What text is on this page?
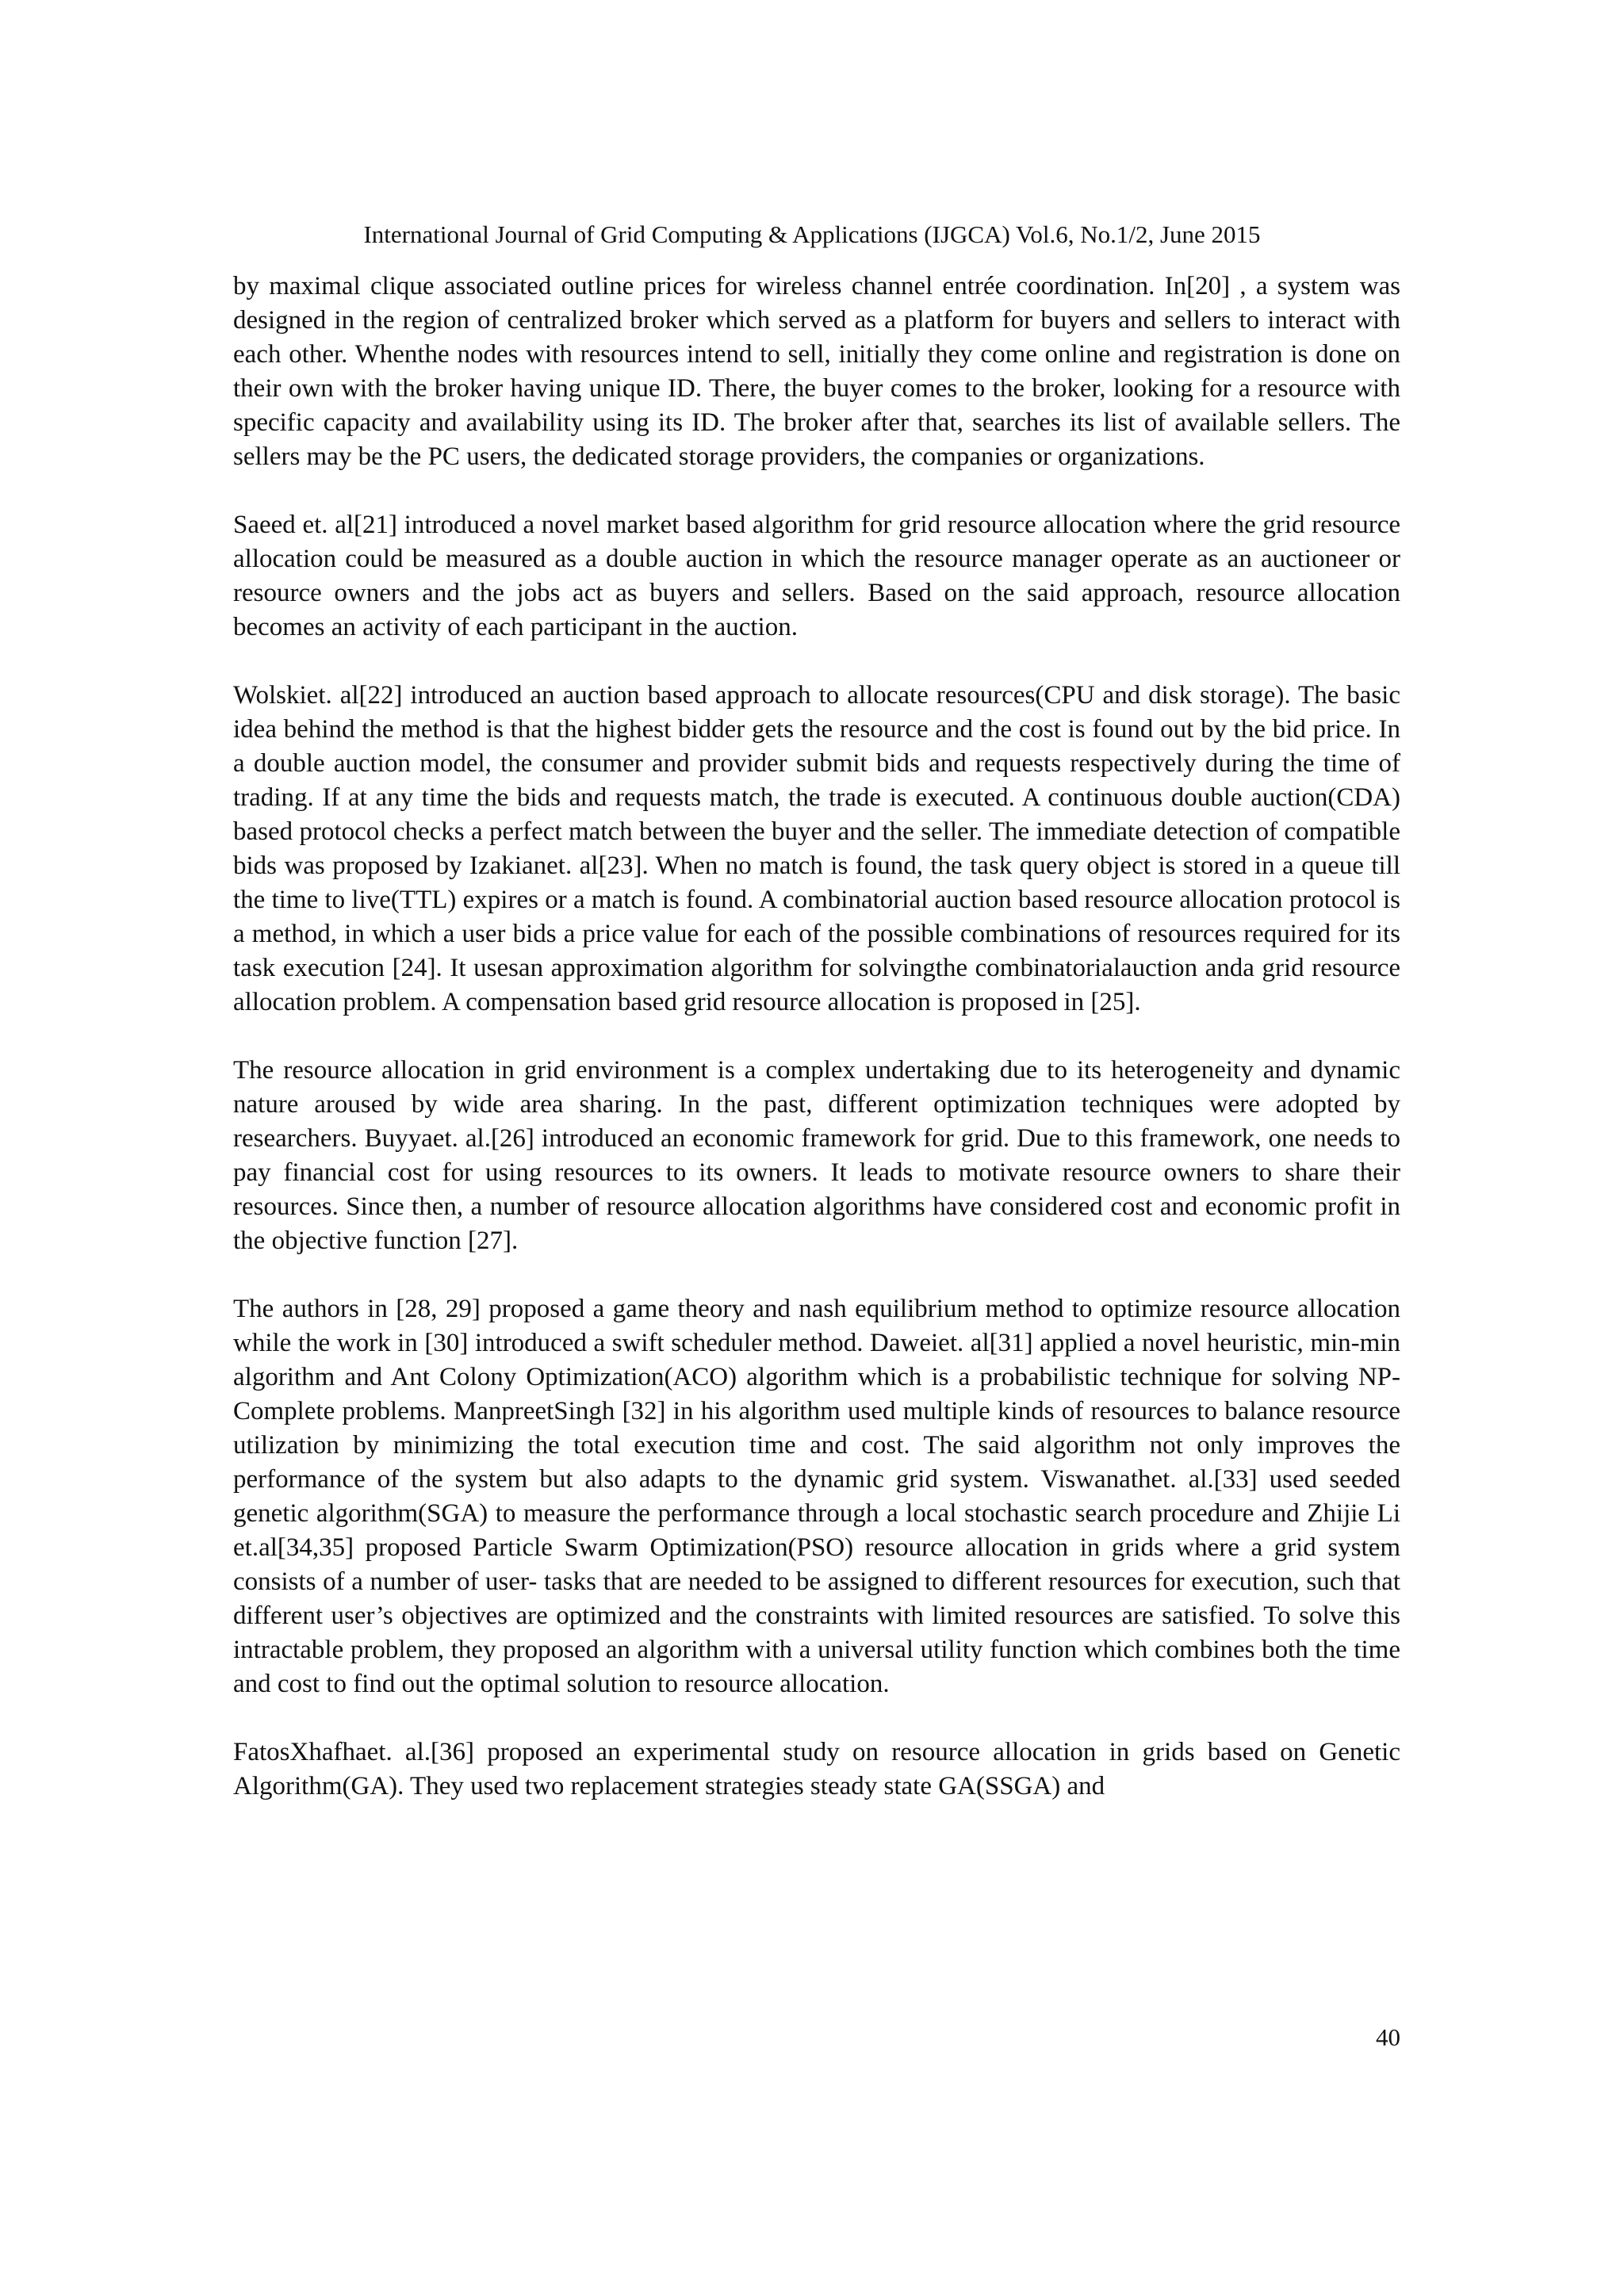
International Journal of Grid Computing & Applications (IJGCA) Vol.6, No.1/2, June 2015

by maximal clique associated outline prices for wireless channel entrée coordination. In[20] , a system was designed in the region of centralized broker which served as a platform for buyers and sellers to interact with each other. Whenthe nodes with resources intend to sell, initially they come online and registration is done on their own with the broker having unique ID. There, the buyer comes to the broker, looking for a resource with specific capacity and availability using its ID. The broker after that, searches its list of available sellers. The sellers may be the PC users, the dedicated storage providers, the companies or organizations.

Saeed et. al[21] introduced a novel market based algorithm for grid resource allocation where the grid resource allocation could be measured as a double auction in which the resource manager operate as an auctioneer or resource owners and the jobs act as buyers and sellers. Based on the said approach, resource allocation becomes an activity of each participant in the auction.

Wolskiet. al[22] introduced an auction based approach to allocate resources(CPU and disk storage). The basic idea behind the method is that the highest bidder gets the resource and the cost is found out by the bid price. In a double auction model, the consumer and provider submit bids and requests respectively during the time of trading. If at any time the bids and requests match, the trade is executed. A continuous double auction(CDA) based protocol checks a perfect match between the buyer and the seller. The immediate detection of compatible bids was proposed by Izakianet. al[23]. When no match is found, the task query object is stored in a queue till the time to live(TTL) expires or a match is found. A combinatorial auction based resource allocation protocol is a method, in which a user bids a price value for each of the possible combinations of resources required for its task execution [24]. It usesan approximation algorithm for solvingthe combinatorialauction anda grid resource allocation problem. A compensation based grid resource allocation is proposed in [25].

The resource allocation in grid environment is a complex undertaking due to its heterogeneity and dynamic nature aroused by wide area sharing. In the past, different optimization techniques were adopted by researchers. Buyyaet. al.[26] introduced an economic framework for grid. Due to this framework, one needs to pay financial cost for using resources to its owners. It leads to motivate resource owners to share their resources. Since then, a number of resource allocation algorithms have considered cost and economic profit in the objective function [27].

The authors in [28, 29] proposed a game theory and nash equilibrium method to optimize resource allocation while the work in [30] introduced a swift scheduler method. Daweiet. al[31] applied a novel heuristic, min-min algorithm and Ant Colony Optimization(ACO) algorithm which is a probabilistic technique for solving NP- Complete problems. ManpreetSingh [32] in his algorithm used multiple kinds of resources to balance resource utilization by minimizing the total execution time and cost. The said algorithm not only improves the performance of the system but also adapts to the dynamic grid system. Viswanathet. al.[33] used seeded genetic algorithm(SGA) to measure the performance through a local stochastic search procedure and Zhijie Li et.al[34,35] proposed Particle Swarm Optimization(PSO) resource allocation in grids where a grid system consists of a number of user- tasks that are needed to be assigned to different resources for execution, such that different user’s objectives are optimized and the constraints with limited resources are satisfied. To solve this intractable problem, they proposed an algorithm with a universal utility function which combines both the time and cost to find out the optimal solution to resource allocation.

FatosXhafhaet. al.[36] proposed an experimental study on resource allocation in grids based on Genetic Algorithm(GA). They used two replacement strategies steady state GA(SSGA) and

40
